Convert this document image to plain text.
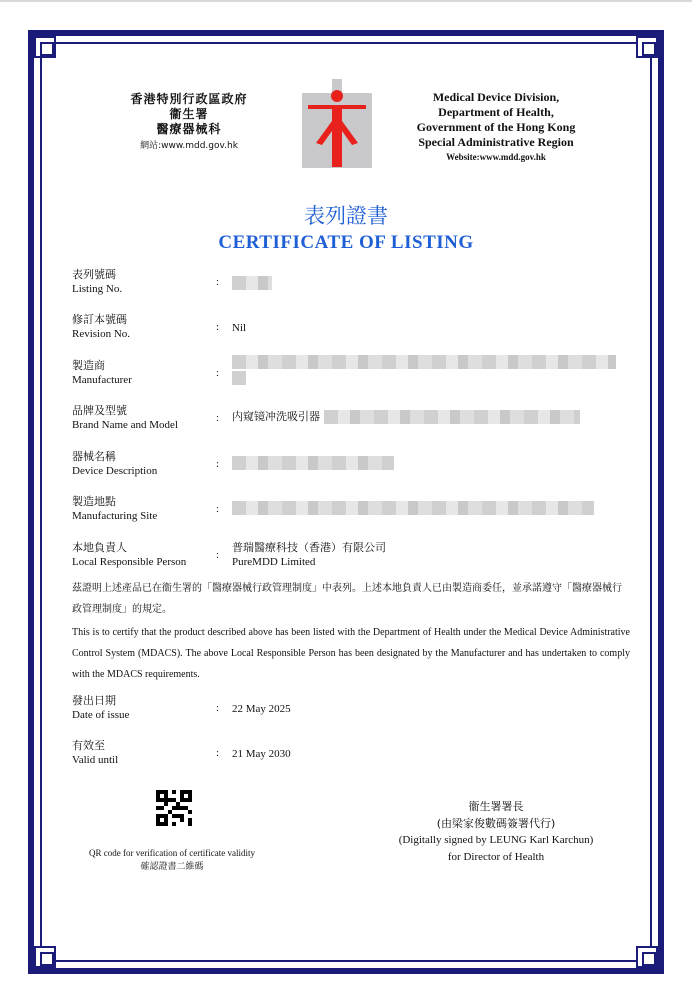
香港特別行政區政府
衞生署
醫療器械科
網站:www.mdd.gov.hk
Medical Device Division,
Department of Health,
Government of the Hong Kong
Special Administrative Region
Website:www.mdd.gov.hk
表列證書
CERTIFICATE OF LISTING
表列號碼
Listing No.
:
修訂本號碼
Revision No.
: Nil
製造商
Manufacturer
:

品牌及型號
Brand Name and Model
: 内窥镜冲洗吸引器
器械名稱
Device Description
:
製造地點
Manufacturing Site
:
本地負責人
Local Responsible Person
:
普瑞醫療科技（香港）有限公司
PureMDD Limited
茲證明上述產品已在衞生署的「醫療器械行政管理制度」中表列。上述本地負責人已由製造商委任，並承諾遵守「醫療器械行政管理制度」的規定。
This is to certify that the product described above has been listed with the Department of Health under the Medical Device Administrative Control System (MDACS). The above Local Responsible Person has been designated by the Manufacturer and has undertaken to comply with the MDACS requirements.
發出日期
Date of issue
: 22 May 2025
有效至
Valid until
: 21 May 2030
QR code for verification of certificate validity
確認證書二維碼
衞生署署長
(由梁家俊數碼簽署代行)
(Digitally signed by LEUNG Karl Karchun)
for Director of Health
